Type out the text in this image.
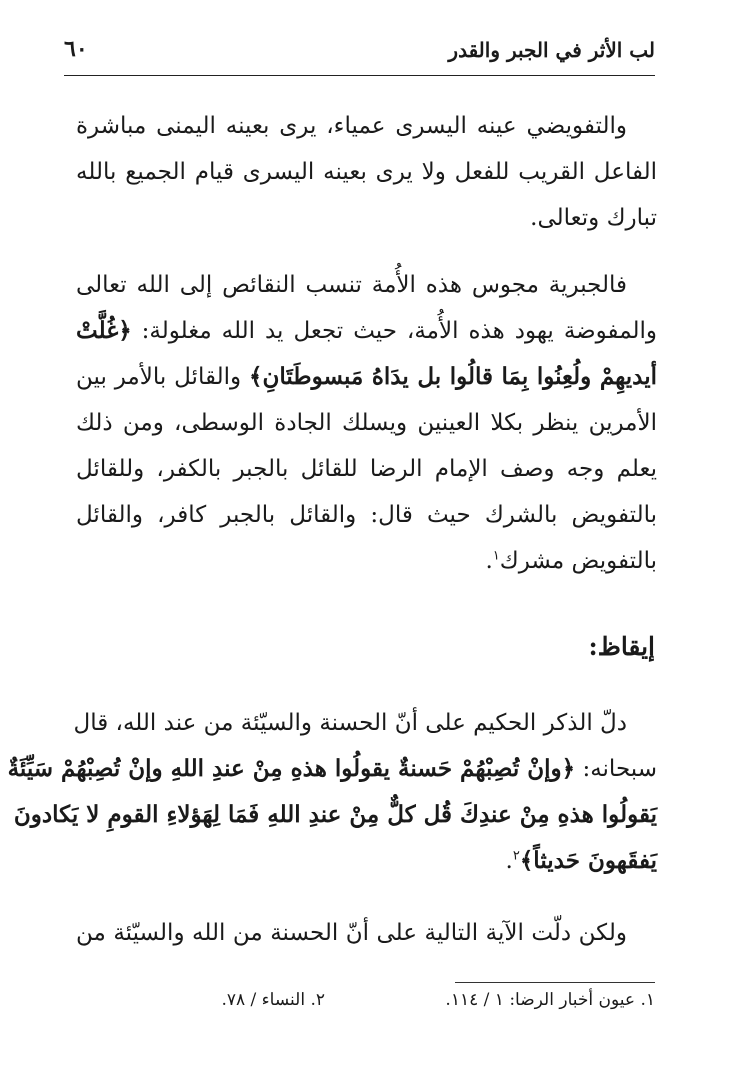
لب الأثر في الجبر والقدر
٦٠
والتفويضي عينه اليسرى عمياء، يرى بعينه اليمنى مباشرة
الفاعل القريب للفعل ولا يرى بعينه اليسرى قيام الجميع بالله
تبارك وتعالى.
فالجبرية مجوس هذه الأُمة تنسب النقائص إلى الله تعالى
والمفوضة يهود هذه الأُمة، حيث تجعل يد الله مغلولة: ﴿غُلَّتْ
أيديهِمْ ولُعِنُوا بِمَا قالُوا بل يدَاهُ مَبسوطَتَانِ﴾ والقائل بالأمر بين
الأمرين ينظر بكلا العينين ويسلك الجادة الوسطى، ومن ذلك
يعلم وجه وصف الإمام الرضا للقائل بالجبر بالكفر، وللقائل
بالتفويض بالشرك حيث قال: والقائل بالجبر كافر، والقائل
بالتفويض مشرك$^١$.
إيقاظ:
دلّ الذكر الحكيم على أنّ الحسنة والسيّئة من عند الله، قال
سبحانه: ﴿وإنْ تُصِبْهُمْ حَسنةٌ يقولُوا هذهِ مِنْ عندِ اللهِ وإنْ تُصِبْهُمْ سَيِّئَةٌ
يَقولُوا هذهِ مِنْ عندِكَ قُل كلٌّ مِنْ عندِ اللهِ فَمَا لِهَؤلاءِ القومِ لا يَكادونَ
يَفقَهونَ حَديثاً﴾$^٢$.
ولكن دلّت الآية التالية على أنّ الحسنة من الله والسيّئة من
١. عيون أخبار الرضا: ١ / ١١٤.
٢. النساء / ٧٨.
